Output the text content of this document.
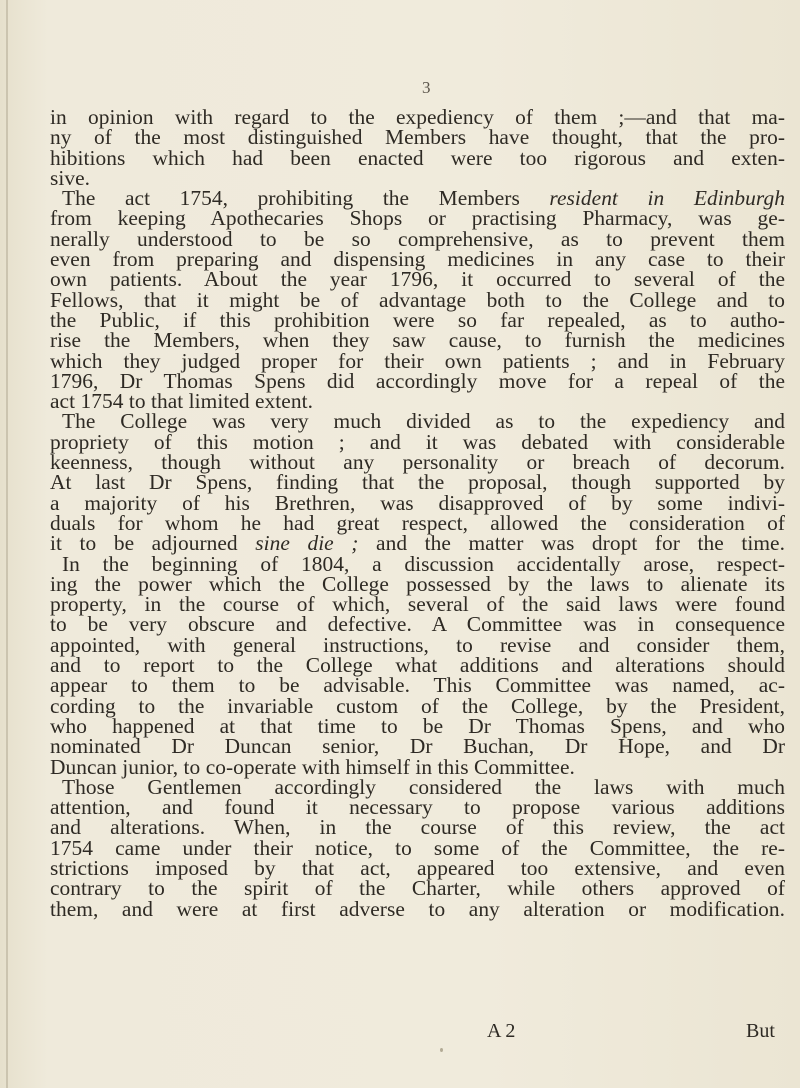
3
in opinion with regard to the expediency of them ;—and that ma-
ny of the most distinguished Members have thought, that the pro-
hibitions which had been enacted were too rigorous and exten-
sive.
The act 1754, prohibiting the Members resident in Edinburgh
from keeping Apothecaries Shops or practising Pharmacy, was ge-
nerally understood to be so comprehensive, as to prevent them
even from preparing and dispensing medicines in any case to their
own patients. About the year 1796, it occurred to several of the
Fellows, that it might be of advantage both to the College and to
the Public, if this prohibition were so far repealed, as to autho-
rise the Members, when they saw cause, to furnish the medicines
which they judged proper for their own patients ; and in February
1796, Dr Thomas Spens did accordingly move for a repeal of the
act 1754 to that limited extent.
The College was very much divided as to the expediency and
propriety of this motion ; and it was debated with considerable
keenness, though without any personality or breach of decorum.
At last Dr Spens, finding that the proposal, though supported by
a majority of his Brethren, was disapproved of by some indivi-
duals for whom he had great respect, allowed the consideration of
it to be adjourned sine die ; and the matter was dropt for the time.
In the beginning of 1804, a discussion accidentally arose, respect-
ing the power which the College possessed by the laws to alienate its
property, in the course of which, several of the said laws were found
to be very obscure and defective. A Committee was in consequence
appointed, with general instructions, to revise and consider them,
and to report to the College what additions and alterations should
appear to them to be advisable. This Committee was named, ac-
cording to the invariable custom of the College, by the President,
who happened at that time to be Dr Thomas Spens, and who
nominated Dr Duncan senior, Dr Buchan, Dr Hope, and Dr
Duncan junior, to co-operate with himself in this Committee.
Those Gentlemen accordingly considered the laws with much
attention, and found it necessary to propose various additions
and alterations. When, in the course of this review, the act
1754 came under their notice, to some of the Committee, the re-
strictions imposed by that act, appeared too extensive, and even
contrary to the spirit of the Charter, while others approved of
them, and were at first adverse to any alteration or modification.
A 2	But
